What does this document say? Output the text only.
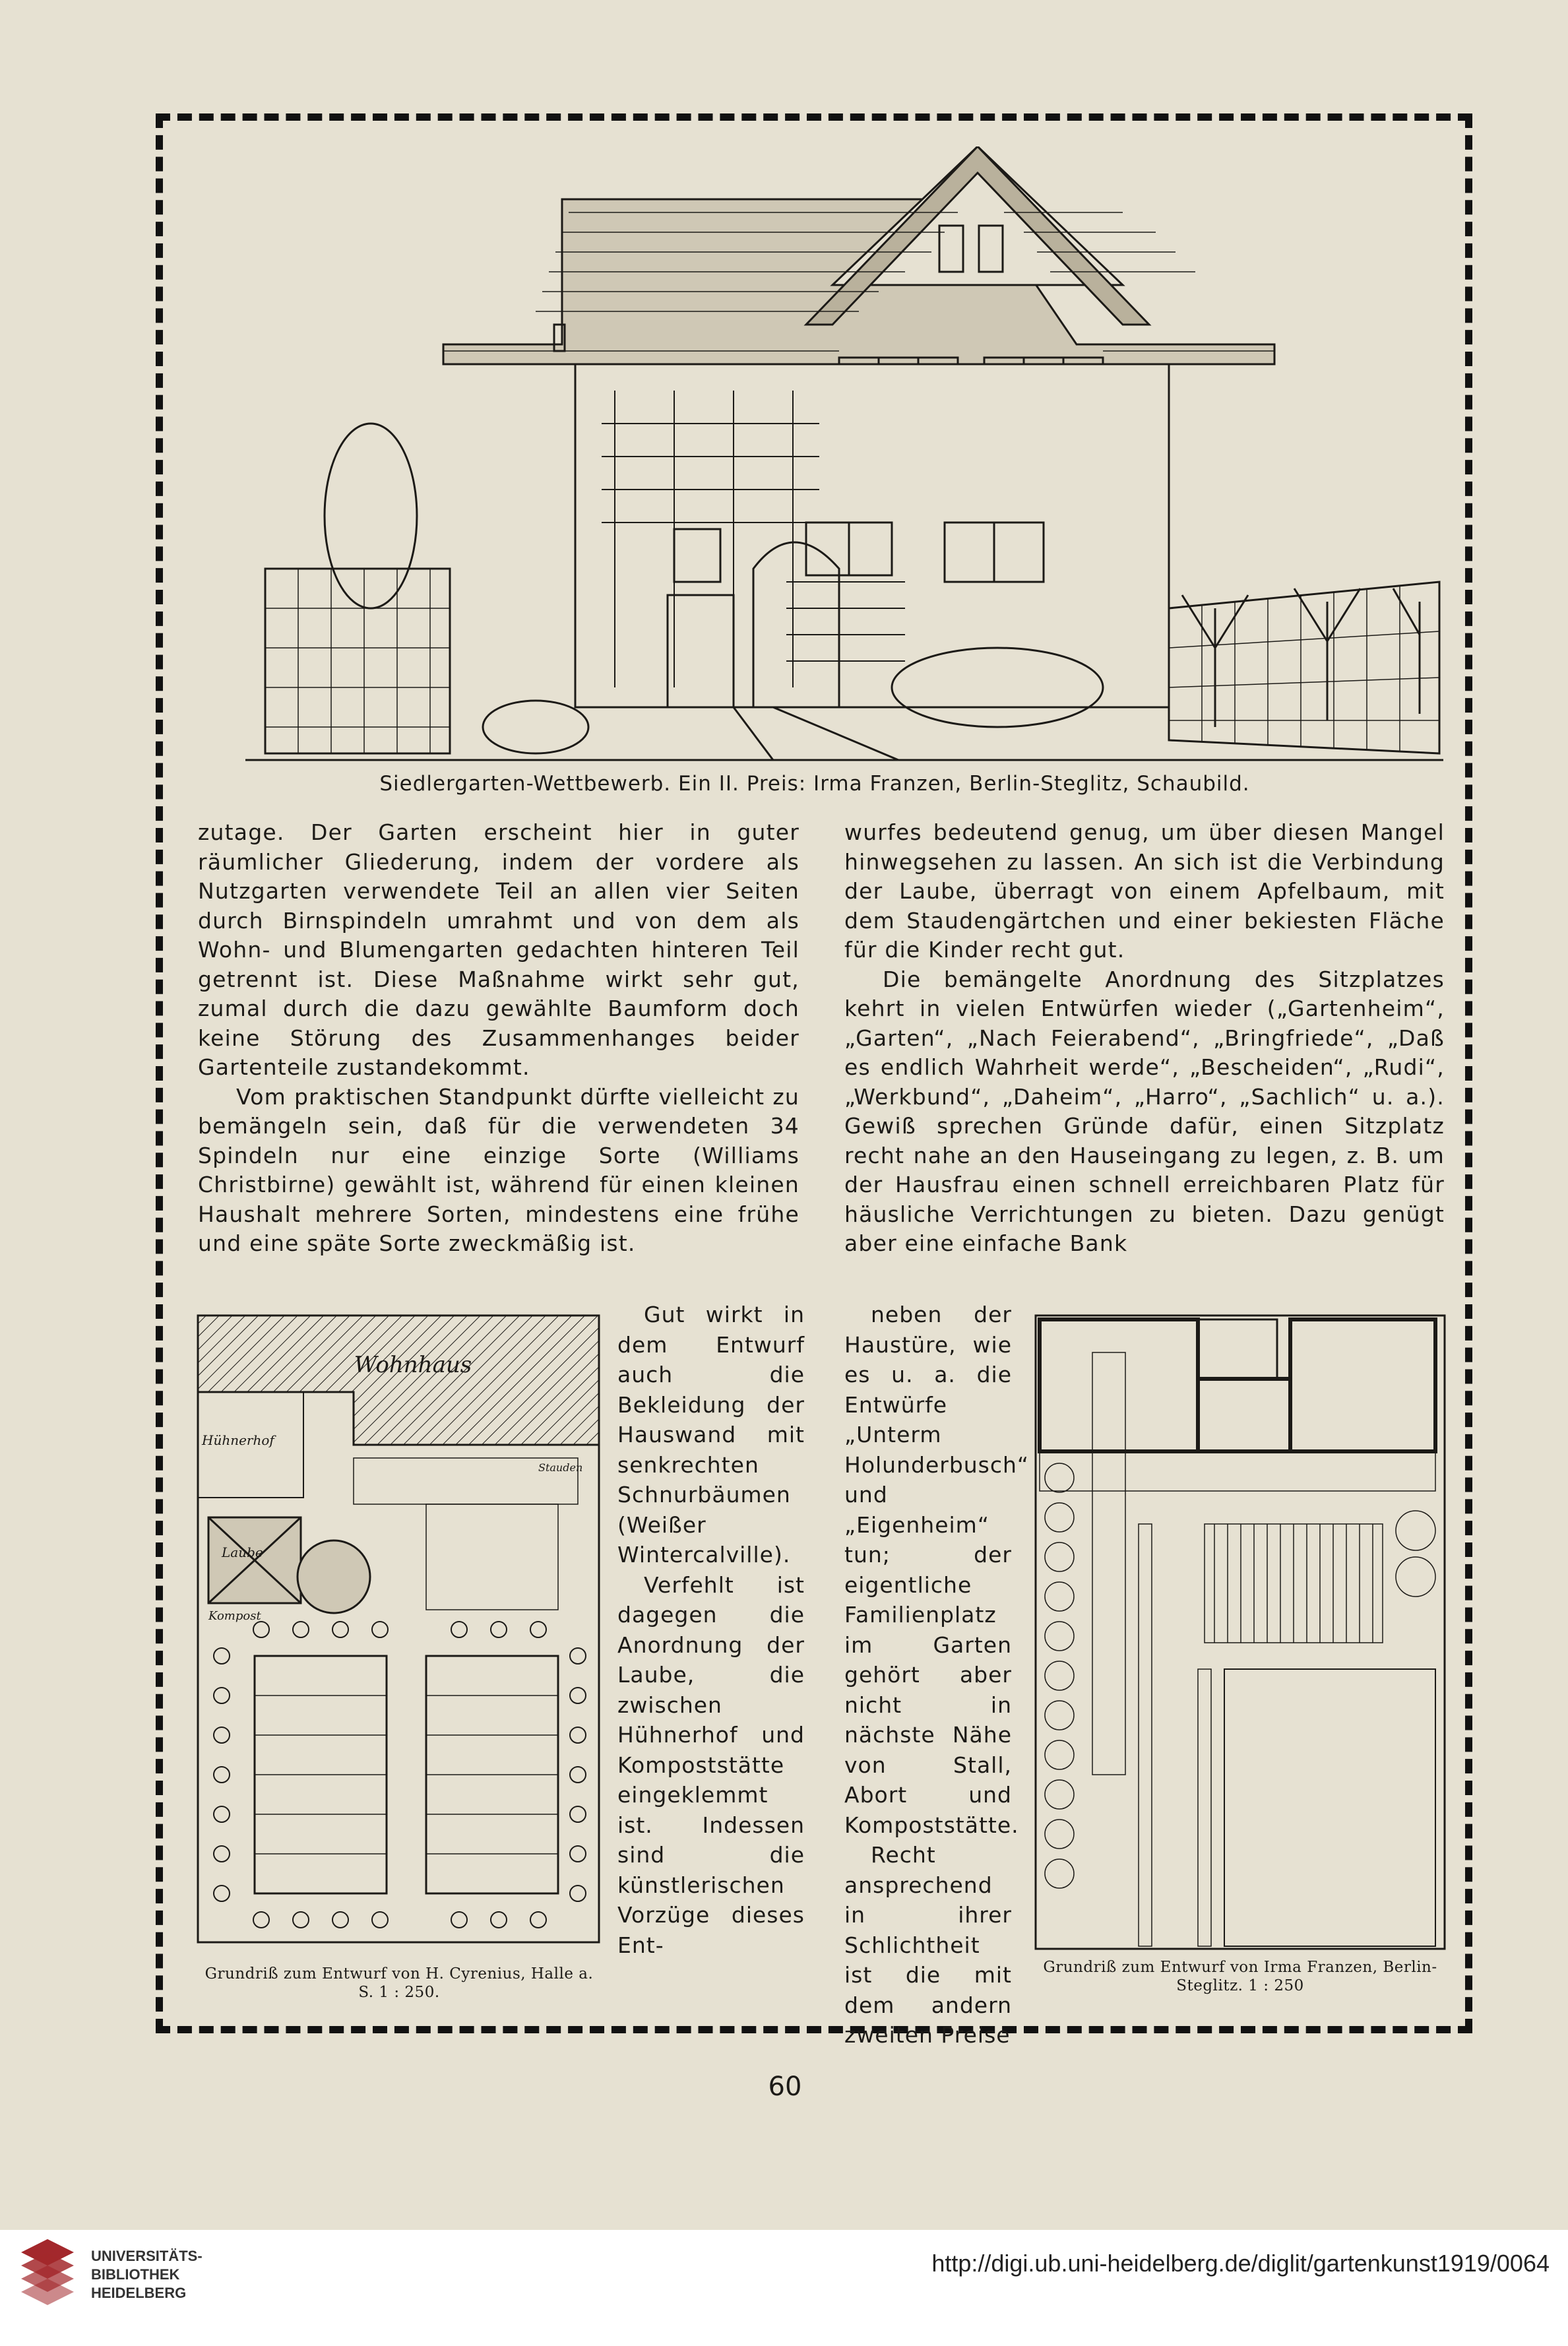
Siedlergarten-Wettbewerb. Ein II. Preis: Irma Franzen, Berlin-Steglitz, Schaubild.

zutage. Der Garten erscheint hier in guter räumlicher Gliederung, indem der vordere als Nutzgarten verwendete Teil an allen vier Seiten durch Birnspindeln umrahmt und von dem als Wohn- und Blumengarten gedachten hinteren Teil getrennt ist. Diese Maßnahme wirkt sehr gut, zumal durch die dazu gewählte Baumform doch keine Störung des Zusammenhanges beider Gartenteile zustandekommt.

Vom praktischen Standpunkt dürfte vielleicht zu bemängeln sein, daß für die verwendeten 34 Spindeln nur eine einzige Sorte (Williams Christbirne) gewählt ist, während für einen kleinen Haushalt mehrere Sorten, mindestens eine frühe und eine späte Sorte zweckmäßig ist.

wurfes bedeutend genug, um über diesen Mangel hinwegsehen zu lassen. An sich ist die Verbindung der Laube, überragt von einem Apfelbaum, mit dem Staudengärtchen und einer bekiesten Fläche für die Kinder recht gut.

Die bemängelte Anordnung des Sitzplatzes kehrt in vielen Entwürfen wieder („Gartenheim“, „Garten“, „Nach Feierabend“, „Bringfriede“, „Daß es endlich Wahrheit werde“, „Bescheiden“, „Rudi“, „Werkbund“, „Daheim“, „Harro“, „Sachlich“ u. a.). Gewiß sprechen Gründe dafür, einen Sitzplatz recht nahe an den Hauseingang zu legen, z. B. um der Hausfrau einen schnell erreichbaren Platz für häusliche Verrichtungen zu bieten. Dazu genügt aber eine einfache Bank

Gut wirkt in dem Entwurf auch die Bekleidung der Hauswand mit senkrechten Schnurbäumen (Weißer Wintercalville).

Verfehlt ist dagegen die Anordnung der Laube, die zwischen Hühnerhof und Kompoststätte eingeklemmt ist. Indessen sind die künstlerischen Vorzüge dieses Ent-

neben der Haustüre, wie es u. a. die Entwürfe „Unterm Holunderbusch“ und „Eigenheim“ tun; der eigentliche Familienplatz im Garten gehört aber nicht in nächste Nähe von Stall, Abort und Kompoststätte.

Recht ansprechend in ihrer Schlichtheit ist die mit dem andern zweiten Preise

Wohnhaus
Hühnerhof
Laube
Kompost
Stauden
Grundriß zum Entwurf von H. Cyrenius, Halle a. S. 1 : 250.
Grundriß zum Entwurf von Irma Franzen, Berlin-Steglitz. 1 : 250
60
UNIVERSITÄTS-
BIBLIOTHEK
HEIDELBERG
http://digi.ub.uni-heidelberg.de/diglit/gartenkunst1919/0064
